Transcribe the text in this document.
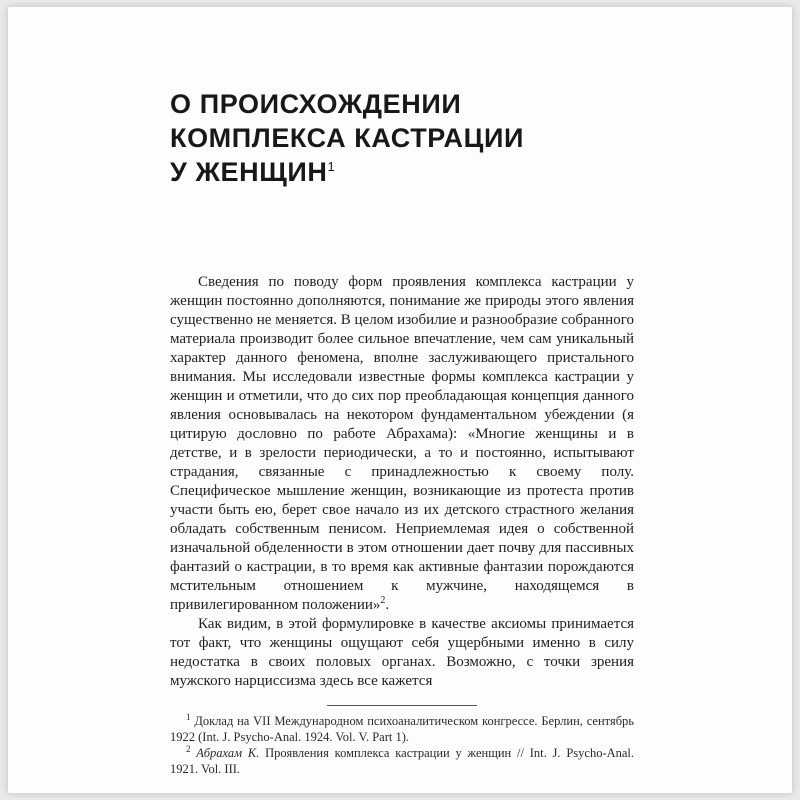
О ПРОИСХОЖДЕНИИ
КОМПЛЕКСА КАСТРАЦИИ
У ЖЕНЩИН$^1$

Сведения по поводу форм проявления комплекса кастрации у женщин постоянно дополняются, понимание же природы этого явления существенно не меняется. В целом изобилие и разнообразие собранного материала производит более сильное впечатление, чем сам уникальный характер данного феномена, вполне заслуживающего пристального внимания. Мы исследовали известные формы комплекса кастрации у женщин и отметили, что до сих пор преобладающая концепция данного явления основывалась на некотором фундаментальном убеждении (я цитирую дословно по работе Абрахама): «Многие женщины и в детстве, и в зрелости периодически, а то и постоянно, испытывают страдания, связанные с принадлежностью к своему полу. Специфическое мышление женщин, возникающие из протеста против участи быть ею, берет свое начало из их детского страстного желания обладать собственным пенисом. Неприемлемая идея о собственной изначальной обделенности в этом отношении дает почву для пассивных фантазий о кастрации, в то время как активные фантазии порождаются мстительным отношением к мужчине, находящемся в привилегированном положении»$^2$.

Как видим, в этой формулировке в качестве аксиомы принимается тот факт, что женщины ощущают себя ущербными именно в силу недостатка в своих половых органах. Возможно, с точки зрения мужского нарциссизма здесь все кажется

$^1$ Доклад на VII Международном психоаналитическом конгрессе. Берлин, сентябрь 1922 (Int. J. Psycho-Anal. 1924. Vol. V. Part 1).

$^2$ Абрахам К. Проявления комплекса кастрации у женщин // Int. J. Psycho-Anal. 1921. Vol. III.
